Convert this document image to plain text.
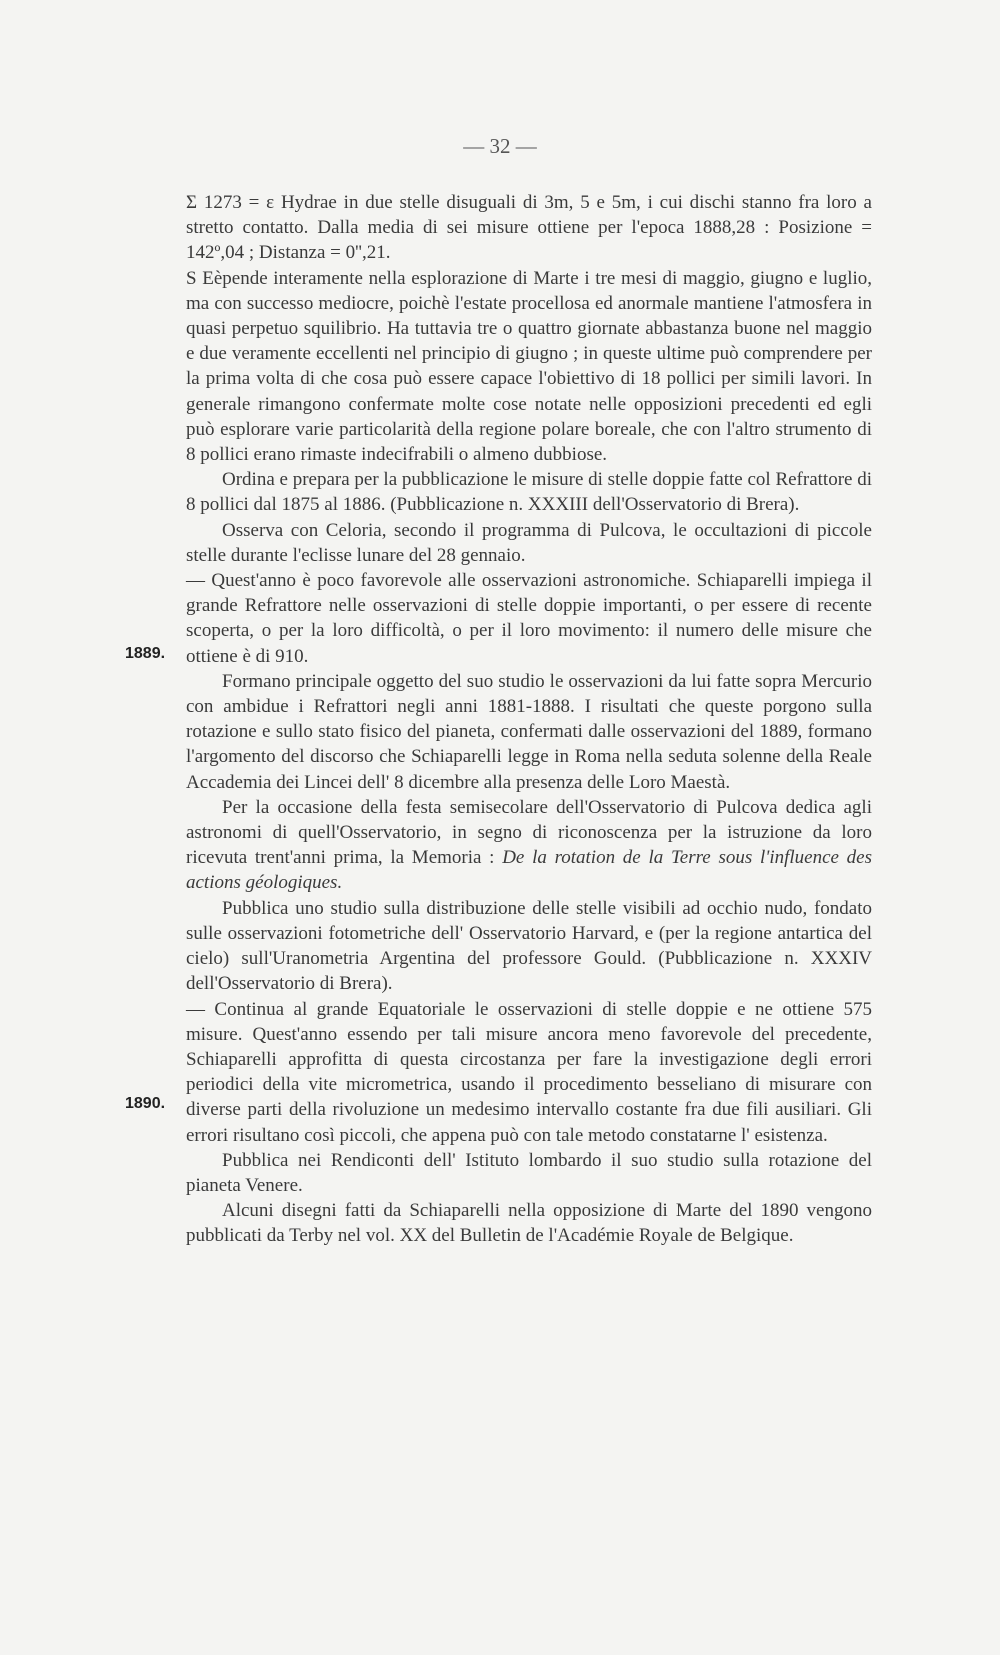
— 32 —
1889.
1890.

Σ 1273 = ε Hydrae in due stelle disuguali di 3m, 5 e 5m, i cui dischi stanno fra loro a stretto contatto. Dalla media di sei misure ottiene per l'epoca 1888,28 : Posizione = 142º,04 ; Distanza = 0'',21.

S Eèpende interamente nella esplorazione di Marte i tre mesi di maggio, giugno e luglio, ma con successo mediocre, poichè l'estate procellosa ed anormale mantiene l'atmosfera in quasi perpetuo squilibrio. Ha tuttavia tre o quattro giornate abbastanza buone nel maggio e due veramente eccellenti nel principio di giugno ; in queste ultime può comprendere per la prima volta di che cosa può essere capace l'obiettivo di 18 pollici per simili lavori. In generale rimangono confermate molte cose notate nelle opposizioni precedenti ed egli può esplorare varie particolarità della regione polare boreale, che con l'altro strumento di 8 pollici erano rimaste indecifrabili o almeno dubbiose.

Ordina e prepara per la pubblicazione le misure di stelle doppie fatte col Refrattore di 8 pollici dal 1875 al 1886. (Pubblicazione n. XXXIII dell'Osservatorio di Brera).

Osserva con Celoria, secondo il programma di Pulcova, le occultazioni di piccole stelle durante l'eclisse lunare del 28 gennaio.

— Quest'anno è poco favorevole alle osservazioni astronomiche. Schiaparelli impiega il grande Refrattore nelle osservazioni di stelle doppie importanti, o per essere di recente scoperta, o per la loro difficoltà, o per il loro movimento: il numero delle misure che ottiene è di 910.

Formano principale oggetto del suo studio le osservazioni da lui fatte sopra Mercurio con ambidue i Refrattori negli anni 1881-1888. I risultati che queste porgono sulla rotazione e sullo stato fisico del pianeta, confermati dalle osservazioni del 1889, formano l'argomento del discorso che Schiaparelli legge in Roma nella seduta solenne della Reale Accademia dei Lincei dell' 8 dicembre alla presenza delle Loro Maestà.

Per la occasione della festa semisecolare dell'Osservatorio di Pulcova dedica agli astronomi di quell'Osservatorio, in segno di riconoscenza per la istruzione da loro ricevuta trent'anni prima, la Memoria : De la rotation de la Terre sous l'influence des actions géologiques.

Pubblica uno studio sulla distribuzione delle stelle visibili ad occhio nudo, fondato sulle osservazioni fotometriche dell' Osservatorio Harvard, e (per la regione antartica del cielo) sull'Uranometria Argentina del professore Gould. (Pubblicazione n. XXXIV dell'Osservatorio di Brera).

— Continua al grande Equatoriale le osservazioni di stelle doppie e ne ottiene 575 misure. Quest'anno essendo per tali misure ancora meno favorevole del precedente, Schiaparelli approfitta di questa circostanza per fare la investigazione degli errori periodici della vite micrometrica, usando il procedimento besseliano di misurare con diverse parti della rivoluzione un medesimo intervallo costante fra due fili ausiliari. Gli errori risultano così piccoli, che appena può con tale metodo constatarne l' esistenza.

Pubblica nei Rendiconti dell' Istituto lombardo il suo studio sulla rotazione del pianeta Venere.

Alcuni disegni fatti da Schiaparelli nella opposizione di Marte del 1890 vengono pubblicati da Terby nel vol. XX del Bulletin de l'Académie Royale de Belgique.
